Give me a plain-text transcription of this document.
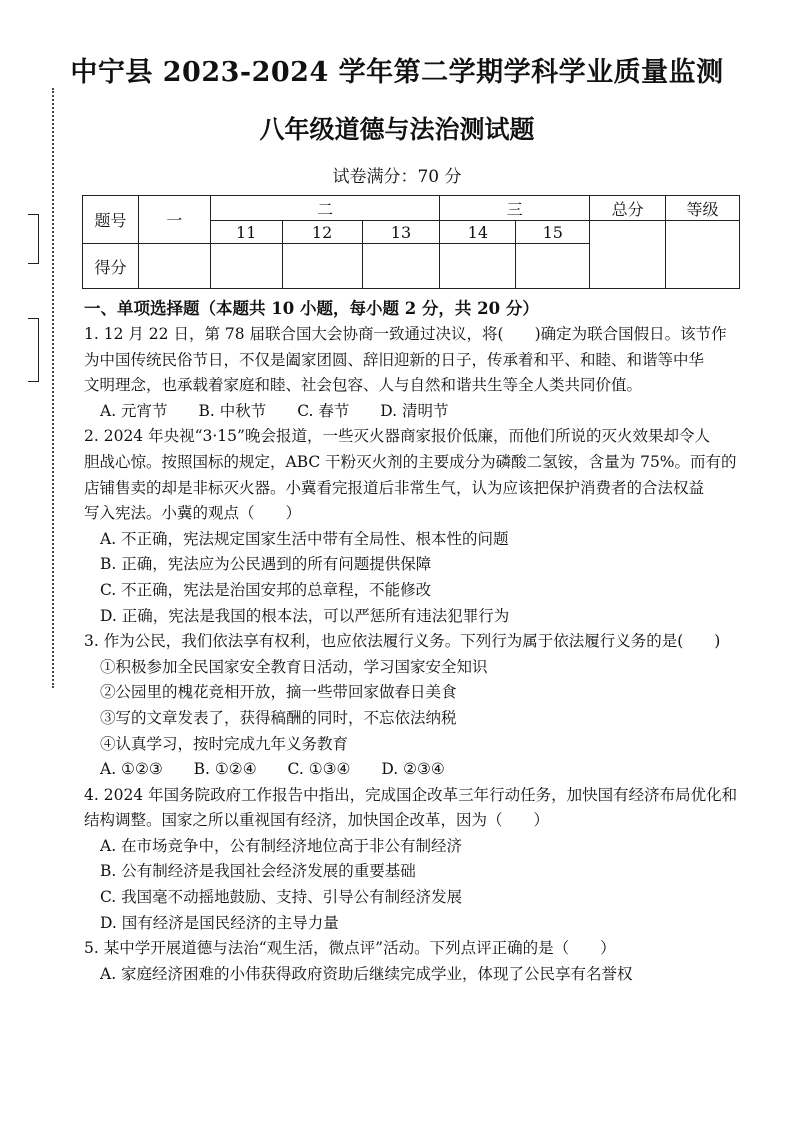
中宁县 2023-2024 学年第二学期学科学业质量监测
八年级道德与法治测试题
试卷满分：70 分
题号	一	二			三		总分	等级
		11	12	13	14	15		
得分								
一、单项选择题（本题共 10 小题，每小题 2 分，共 20 分）

1. 12 月 22 日，第 78 届联合国大会协商一致通过决议，将(　　)确定为联合国假日。该节作

为中国传统民俗节日，不仅是阖家团圆、辞旧迎新的日子，传承着和平、和睦、和谐等中华

文明理念，也承载着家庭和睦、社会包容、人与自然和谐共生等全人类共同价值。

A. 元宵节 B. 中秋节 C. 春节 D. 清明节

2. 2024 年央视“3·15”晚会报道，一些灭火器商家报价低廉，而他们所说的灭火效果却令人

胆战心惊。按照国标的规定，ABC 干粉灭火剂的主要成分为磷酸二氢铵，含量为 75%。而有的

店铺售卖的却是非标灭火器。小冀看完报道后非常生气，认为应该把保护消费者的合法权益

写入宪法。小冀的观点（　　）

A. 不正确，宪法规定国家生活中带有全局性、根本性的问题

B. 正确，宪法应为公民遇到的所有问题提供保障

C. 不正确，宪法是治国安邦的总章程，不能修改

D. 正确，宪法是我国的根本法，可以严惩所有违法犯罪行为

3. 作为公民，我们依法享有权利，也应依法履行义务。下列行为属于依法履行义务的是(　　)

①积极参加全民国家安全教育日活动，学习国家安全知识

②公园里的槐花竞相开放，摘一些带回家做春日美食

③写的文章发表了，获得稿酬的同时，不忘依法纳税

④认真学习，按时完成九年义务教育

A. ①②③ B. ①②④ C. ①③④ D. ②③④

4. 2024 年国务院政府工作报告中指出，完成国企改革三年行动任务，加快国有经济布局优化和

结构调整。国家之所以重视国有经济，加快国企改革，因为（　　）

A. 在市场竞争中，公有制经济地位高于非公有制经济

B. 公有制经济是我国社会经济发展的重要基础

C. 我国毫不动摇地鼓励、支持、引导公有制经济发展

D. 国有经济是国民经济的主导力量

5. 某中学开展道德与法治“观生活，微点评”活动。下列点评正确的是（　　）

A. 家庭经济困难的小伟获得政府资助后继续完成学业，体现了公民享有名誉权
